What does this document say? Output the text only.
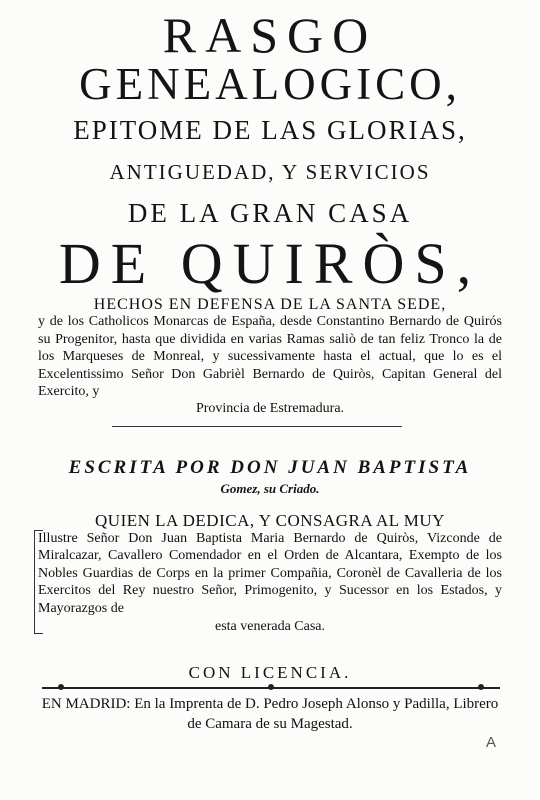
RASGO
GENEALOGICO,
EPITOME DE LAS GLORIAS,
ANTIGUEDAD, Y SERVICIOS
DE LA GRAN CASA
DE QUIRÒS,
HECHOS EN DEFENSA DE LA SANTA SEDE,
y de los Catholicos Monarcas de España, desde Constantino Bernardo de Quirós su Progenitor, hasta que dividida en varias Ramas saliò de tan feliz Tronco la de los Marqueses de Monreal, y sucessivamente hasta el actual, que lo es el Excelentissimo Señor Don Gabrièl Bernardo de Quiròs, Capitan General del Exercito, y
Provincia de Estremadura.
ESCRITA POR DON JUAN BAPTISTA
Gomez, su Criado.
QUIEN LA DEDICA, Y CONSAGRA AL MUY
Illustre Señor Don Juan Baptista Maria Bernardo de Quiròs, Vizconde de Miralcazar, Cavallero Comendador en el Orden de Alcantara, Exempto de los Nobles Guardias de Corps en la primer Compañia, Coronèl de Cavalleria de los Exercitos del Rey nuestro Señor, Primogenito, y Sucessor en los Estados, y Mayorazgos de
esta venerada Casa.
CON LICENCIA.
EN MADRID: En la Imprenta de D. Pedro Joseph Alonso y Padilla, Librero de Camara de su Magestad.
A
